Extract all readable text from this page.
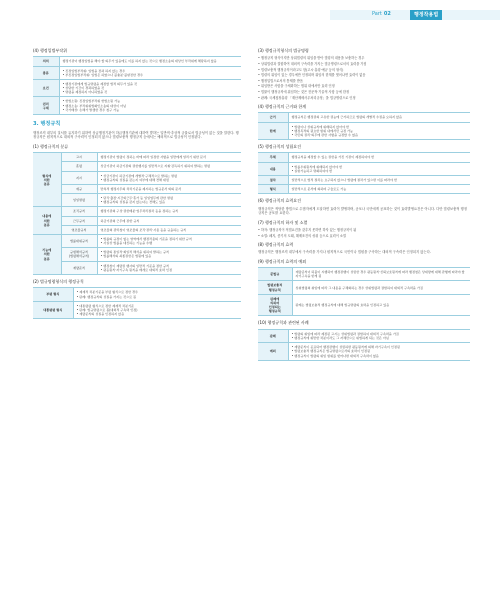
Part 02	행정작용법
(4) 행정입법부작위
의의	행정기관이 행정입법을 해야 할 의무가 있음에도 이를 하지 않는 것으로 행정소송의 대상인 부작위에 해당하지 않음
종류	• 진정입법부작위: 입법을 전혀 하지 않는 경우
• 부진정입법부작위: 입법은 하였으나 불충분·불완전한 경우
요건	• 행정기관에게 법규명령을 제정할 법적 의무가 있을 것
• 상당한 기간이 경과하였을 것
• 명령을 제정하지 아니하였을 것
권리
구제	• 헌법소원: 진정입법부작위 헌법소원 가능
• 행정소송: 부작위위법확인소송의 대상이 아님
• 국가배상: 손해가 발생한 경우 청구 가능
3. 행정규칙
행정조직 내부의 질서를 유지하기 위하여 상급행정기관이 하급행정기관에 대하여 발하는 일반적·추상적 규율로서 법규성이 없는 것을 말한다. 행정규칙은 원칙적으로 대외적 구속력이 인정되지 않으나 법령보충적 행정규칙 등에서는 예외적으로 법규성이 인정된다.
(1) 행정규칙의 분류
형식에
의한
분류	고시	행정기관이 법령이 정하는 바에 따라 일정한 사항을 일반에게 알리기 위한 문서
	훈령	상급기관이 하급기관의 권한행사를 일반적으로 지휘·감독하기 위하여 발하는 명령
	지시	• 상급기관이 하급기관에 개별적·구체적으로 발하는 명령
• 행정규칙의 성질을 갖는지 여부에 대해 견해 대립
	예규	반복적 행정사무의 처리기준을 제시하는 법규문서 외의 문서
	일일명령	• 당직·출장·시간외근무·휴가 등 일일업무에 관한 명령
• 행정규칙의 성질을 갖지 않는다는 견해도 있음
내용에
의한
분류	조직규칙	행정기관의 구성·권한배분·업무처리절차 등을 정하는 규칙
	근무규칙	하급기관의 근무에 관한 규칙
	영조물규칙	영조물의 관리청이 영조물의 조직·관리·사용 등을 규율하는 규칙
기능에
의한
분류	법률대위규칙	• 법률의 규정이 없는 영역에서 행정작용의 기준을 정하기 위한 규칙
• 사실상 법률을 대신하는 기능을 수행
	규범해석규칙
(법령해석규칙)	• 법령의 통일적·획일적 해석을 위하여 발하는 규칙
• 법률해석의 최종권한은 법원에 있음
	재량준칙	• 행정청이 재량권 행사의 일반적 기준을 정한 규칙
• 평등원칙·자기구속 원칙을 매개로 대외적 효력 인정
(2) 법규명령형식의 행정규칙
부령 형식	• 제재적 처분기준을 부령 형식으로 정한 경우
• 판례: 행정규칙의 성질을 가지는 것으로 봄
대통령령 형식	• 대통령령 형식으로 정한 제재적 처분기준
• 판례: 법규명령으로 봄(대외적 구속력 인정)
• 재량준칙의 성질을 인정하지 않음
(3) 행정규칙형식의 법규명령

• 행정규칙 형식이지만 상위법령의 위임을 받아 법령의 내용을 보충하는 경우

• 상위법령과 결합하여 대외적 구속력을 가지는 법규명령으로서의 효력을 가짐

• 법령보충적 행정규칙이라고도 함(고시·훈령·예규 등의 형식)

• 법령의 위임이 있는 경우에만 인정되며 위임의 한계를 벗어나면 효력이 없음

• 행정입법으로서의 통제를 받음

• 위임받은 사항을 구체화하는 범위 내에서만 효력 인정

• 법률이 행정규칙에 위임하는 것은 전문적·기술적 사항 등에 한정

• 판례: 국세청장훈령 「재산제세사무처리규정」을 법규명령으로 인정

(4) 행정규칙의 근거와 한계
근거	행정규칙은 행정권의 고유한 권능에 근거하므로 법령의 개별적 수권을 요하지 않음
한계	• 법령이나 상위규칙에 위배되지 않아야 함
• 행정목적의 필요한 범위 내에서만 규정 가능
• 국민의 권리·의무에 관한 사항을 규정할 수 없음
(5) 행정규칙의 성립요건
주체	행정규칙을 제정할 수 있는 권한을 가진 기관이 제정하여야 함
내용	• 법률우위원칙에 위배되지 않아야 함
• 실현가능하고 명확하여야 함
절차	일반적으로 법적 절차는 요구되지 않으나 법령에 절차가 있으면 이를 따라야 함
형식	일반적으로 문서에 의하며 구술로도 가능
(6) 행정규칙의 효력요건
행정규칙은 적당한 방법으로 수범자에게 도달하면 효력이 발생하며, 공포나 국민에게 공표하는 것이 효력발생요건은 아니다. 다만 법령보충적 행정규칙은 공포를 요한다.
(7) 행정규칙의 하자 및 소멸

• 하자: 행정규칙이 적법요건을 갖추지 못하면 하자 있는 행정규칙이 됨

• 소멸: 폐지, 종기의 도래, 해제조건의 성취 등으로 효력이 소멸

(8) 행정규칙의 효력
행정규칙은 행정조직 내부에서 구속력을 가지나 원칙적으로 국민이나 법원을 구속하는 대외적 구속력은 인정되지 않는다.
(9) 행정규칙의 효력의 예외
준법규	재량준칙이 되풀이 시행되어 행정관행이 성립한 경우 평등원칙·신뢰보호원칙에 따라 행정청은 상대방에 대해 관행에 따라야 할 자기구속을 받게 됨
법령보충적
행정규칙	상위법령의 위임에 따라 그 내용을 구체화하는 경우 상위법령과 결합하여 대외적 구속력을 가짐
판례에
의하여
인정되는
행정규칙	판례는 법령보충적 행정규칙에 대해 법규명령의 효력을 인정하고 있음
(10) 행정규칙과 관련된 사례
판례	• 법령의 위임에 따라 제정된 고시는 상위법령과 결합하여 대외적 구속력을 가짐
• 행정규칙에 위반한 처분이라도 그 자체만으로 위법하게 되는 것은 아님
예외	• 재량준칙이 공표되어 행정관행이 성립하면 평등원칙에 의해 자기구속이 인정됨
• 법령보충적 행정규칙은 법규명령으로서의 효력이 인정됨
• 행정규칙이 법령의 위임 범위를 벗어나면 대외적 구속력이 없음
